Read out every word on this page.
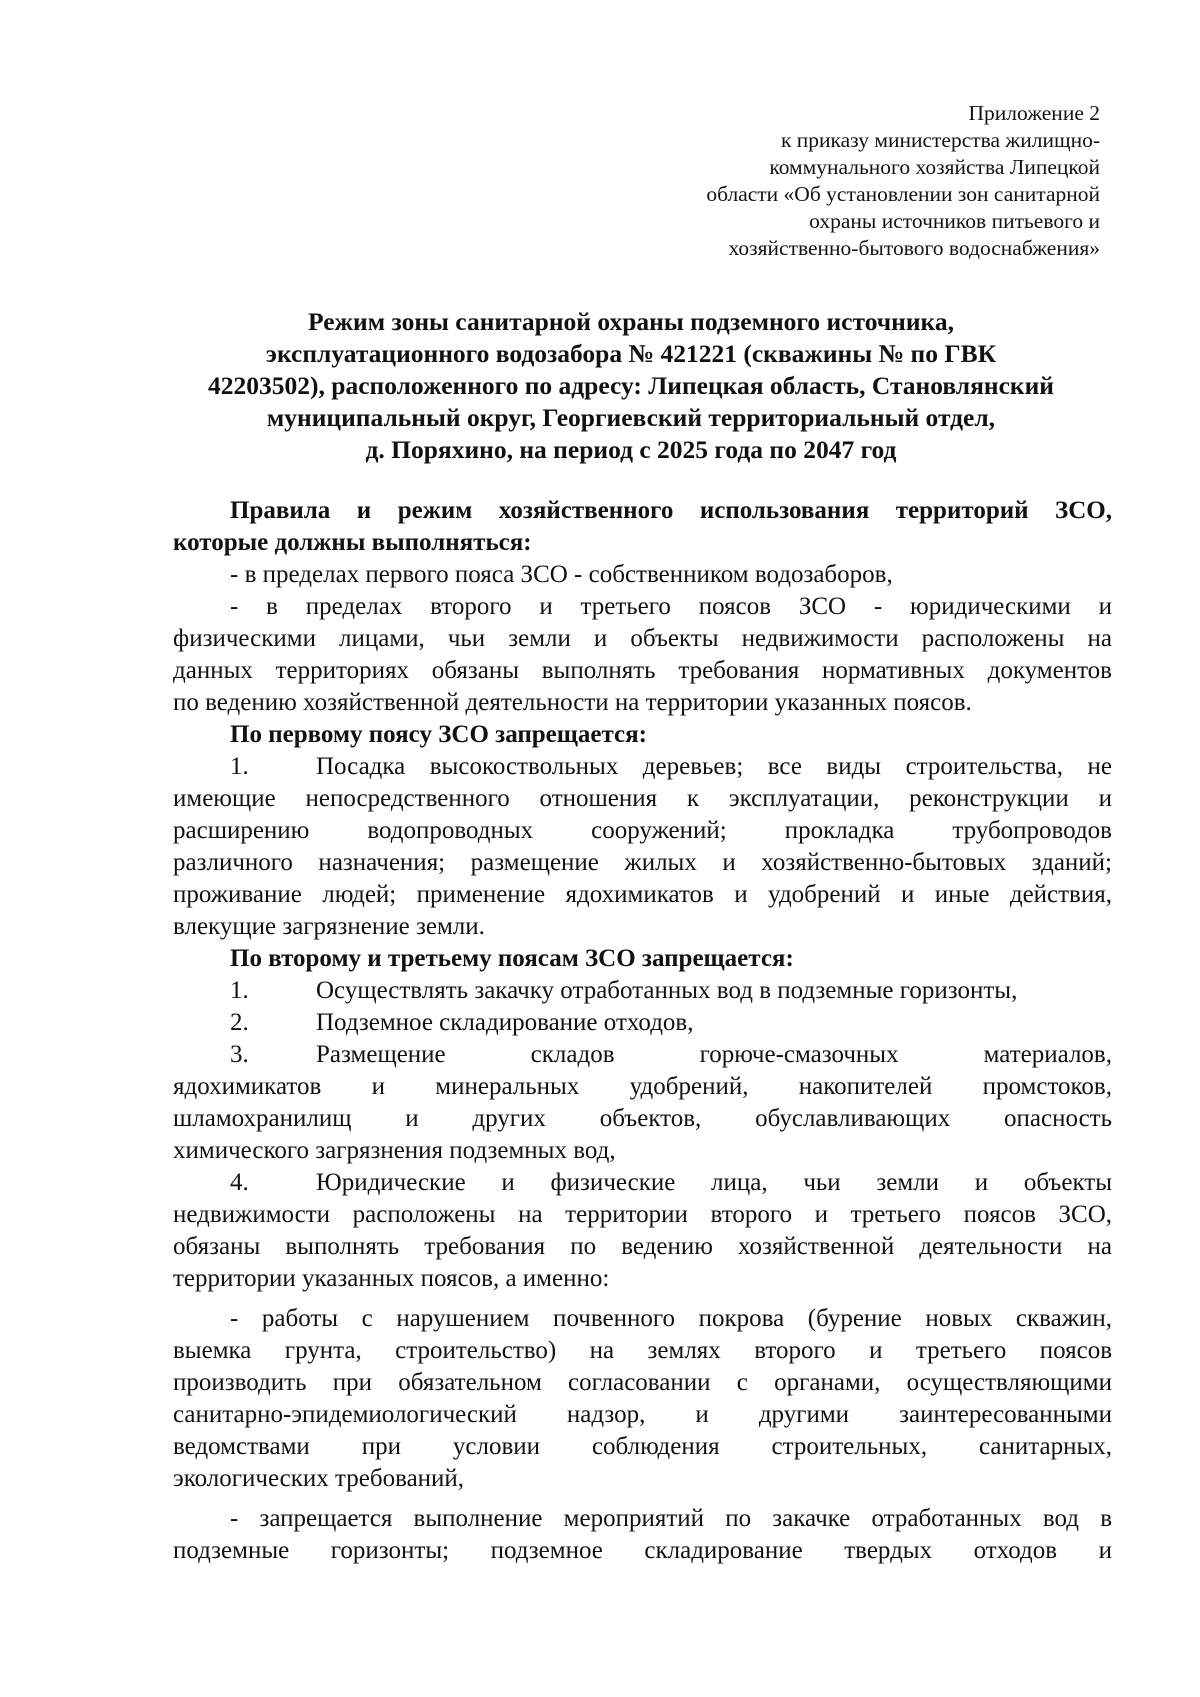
Приложение 2
к приказу министерства жилищно-
коммунального хозяйства Липецкой
области «Об установлении зон санитарной
охраны источников питьевого и
хозяйственно-бытового водоснабжения»
Режим зоны санитарной охраны подземного источника,
эксплуатационного водозабора № 421221 (скважины № по ГВК
42203502), расположенного по адресу: Липецкая область, Становлянский
муниципальный округ, Георгиевский территориальный отдел,
д. Поряхино, на период с 2025 года по 2047 год
Правила и режим хозяйственного использования территорий ЗСО,
которые должны выполняться:
- в пределах первого пояса ЗСО - собственником водозаборов,
- в пределах второго и третьего поясов ЗСО - юридическими и
физическими лицами, чьи земли и объекты недвижимости расположены на
данных территориях обязаны выполнять требования нормативных документов
по ведению хозяйственной деятельности на территории указанных поясов.
По первому поясу ЗСО запрещается:
1.	Посадка высокоствольных деревьев; все виды строительства, не
имеющие непосредственного отношения к эксплуатации, реконструкции и
расширению водопроводных сооружений; прокладка трубопроводов
различного назначения; размещение жилых и хозяйственно-бытовых зданий;
проживание людей; применение ядохимикатов и удобрений и иные действия,
влекущие загрязнение земли.
По второму и третьему поясам ЗСО запрещается:
1.	Осуществлять закачку отработанных вод в подземные горизонты,
2.	Подземное складирование отходов,
3.	Размещение складов горюче-смазочных материалов,
ядохимикатов и минеральных удобрений, накопителей промстоков,
шламохранилищ и других объектов, обуславливающих опасность
химического загрязнения подземных вод,
4.	Юридические и физические лица, чьи земли и объекты
недвижимости расположены на территории второго и третьего поясов ЗСО,
обязаны выполнять требования по ведению хозяйственной деятельности на
территории указанных поясов, а именно:
- работы с нарушением почвенного покрова (бурение новых скважин,
выемка грунта, строительство) на землях второго и третьего поясов
производить при обязательном согласовании с органами, осуществляющими
санитарно-эпидемиологический надзор, и другими заинтересованными
ведомствами при условии соблюдения строительных, санитарных,
экологических требований,
- запрещается выполнение мероприятий по закачке отработанных вод в
подземные горизонты; подземное складирование твердых отходов и
